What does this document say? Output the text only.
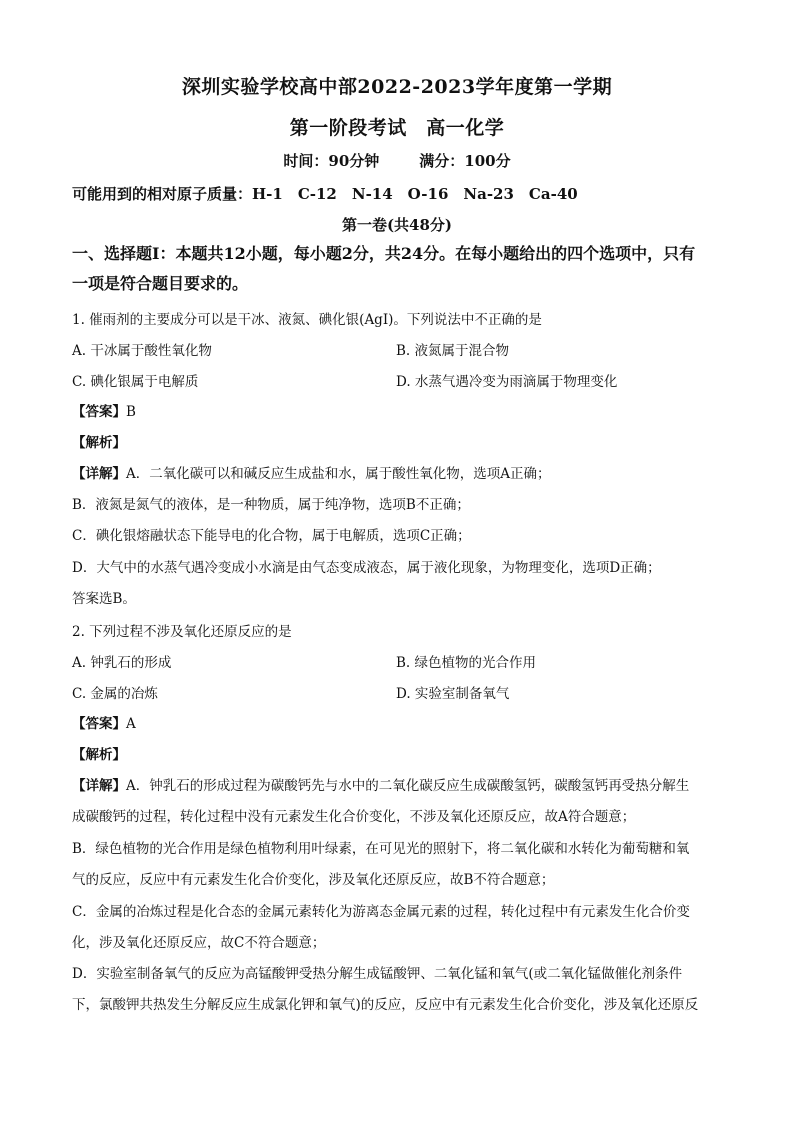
深圳实验学校高中部2022-2023学年度第一学期
第一阶段考试　高一化学
时间：90分钟	满分：100分
可能用到的相对原子质量：H-1　C-12　N-14　O-16　Na-23　Ca-40
第一卷(共48分)
一、选择题Ⅰ：本题共12小题，每小题2分，共24分。在每小题给出的四个选项中，只有
一项是符合题目要求的。
1. 催雨剂的主要成分可以是干冰、液氮、碘化银(AgI)。下列说法中不正确的是
A. 干冰属于酸性氧化物	B. 液氮属于混合物
C. 碘化银属于电解质	D. 水蒸气遇冷变为雨滴属于物理变化
【答案】B
【解析】
【详解】A．二氧化碳可以和碱反应生成盐和水，属于酸性氧化物，选项A正确；
B．液氮是氮气的液体，是一种物质，属于纯净物，选项B不正确；
C．碘化银熔融状态下能导电的化合物，属于电解质，选项C正确；
D．大气中的水蒸气遇冷变成小水滴是由气态变成液态，属于液化现象，为物理变化，选项D正确；
答案选B。
2. 下列过程不涉及氧化还原反应的是
A. 钟乳石的形成	B. 绿色植物的光合作用
C. 金属的冶炼	D. 实验室制备氧气
【答案】A
【解析】
【详解】A．钟乳石的形成过程为碳酸钙先与水中的二氧化碳反应生成碳酸氢钙，碳酸氢钙再受热分解生
成碳酸钙的过程，转化过程中没有元素发生化合价变化，不涉及氧化还原反应，故A符合题意；
B．绿色植物的光合作用是绿色植物利用叶绿素，在可见光的照射下，将二氧化碳和水转化为葡萄糖和氧
气的反应，反应中有元素发生化合价变化，涉及氧化还原反应，故B不符合题意；
C．金属的冶炼过程是化合态的金属元素转化为游离态金属元素的过程，转化过程中有元素发生化合价变
化，涉及氧化还原反应，故C不符合题意；
D．实验室制备氧气的反应为高锰酸钾受热分解生成锰酸钾、二氧化锰和氧气(或二氧化锰做催化剂条件
下，氯酸钾共热发生分解反应生成氯化钾和氧气)的反应，反应中有元素发生化合价变化，涉及氧化还原反
